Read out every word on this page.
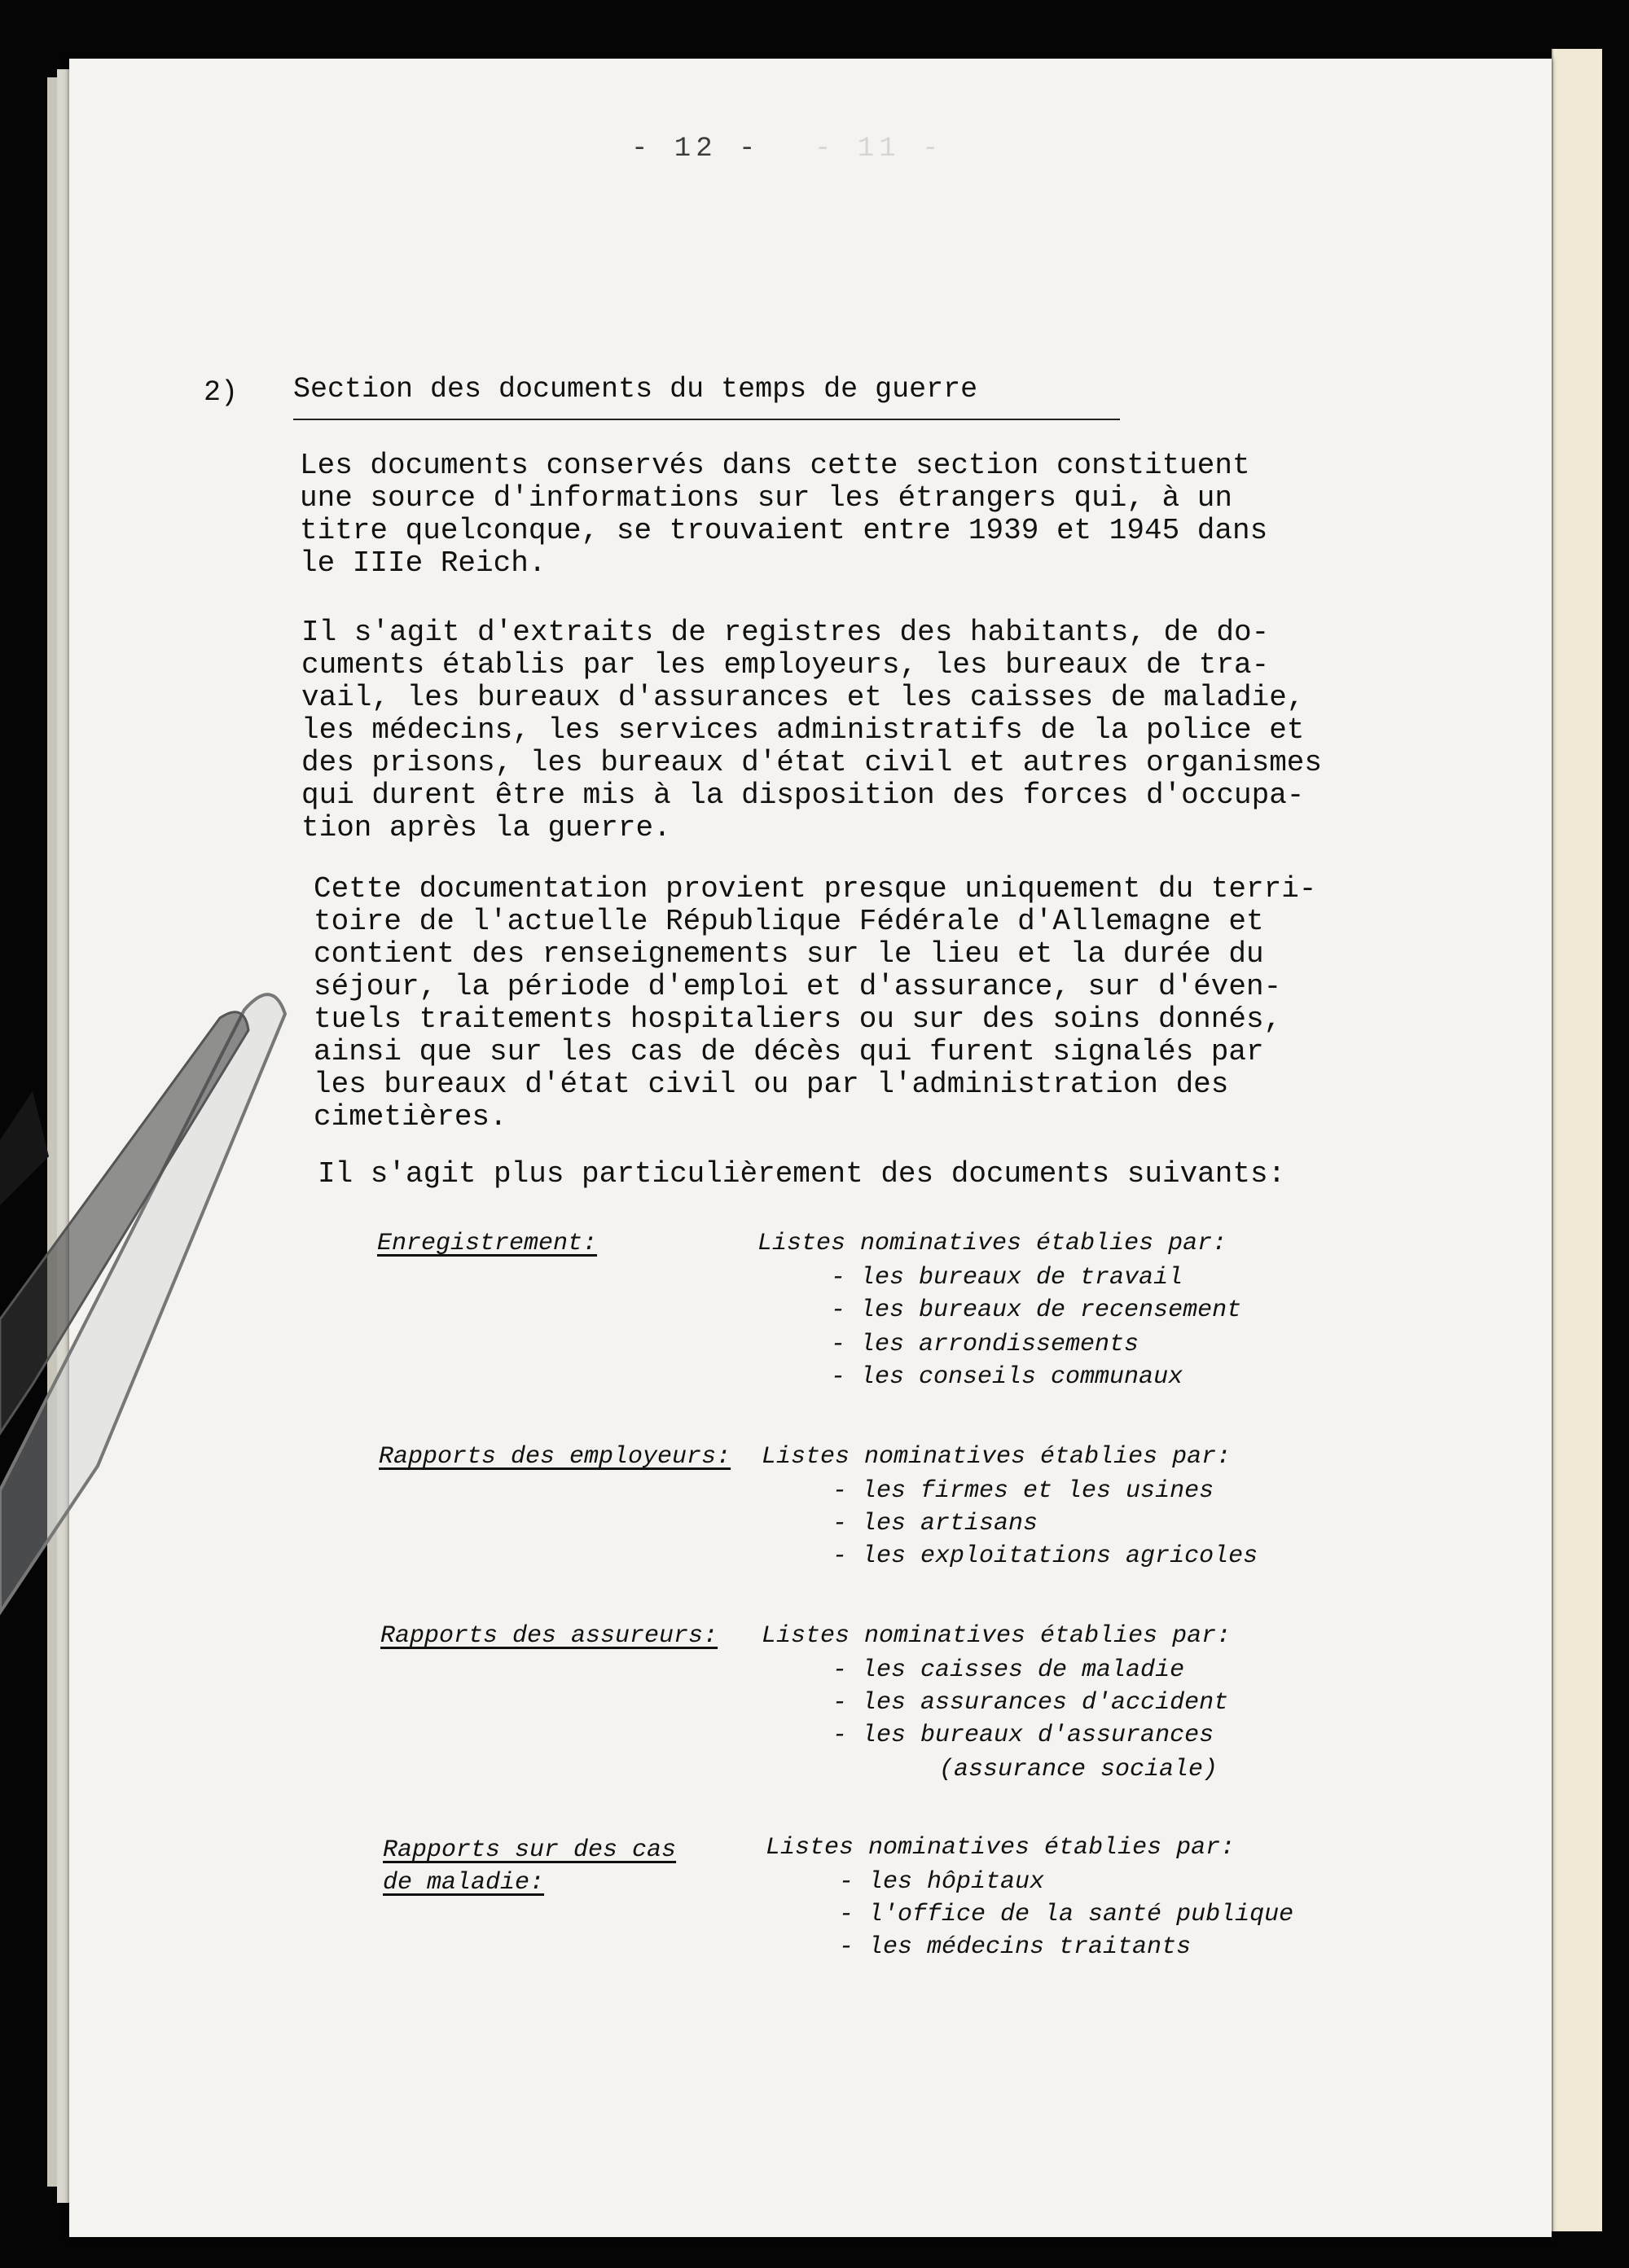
- 12 - - 11 -
2) Section des documents du temps de guerre
Les documents conservés dans cette section constituent
une source d'informations sur les étrangers qui, à un
titre quelconque, se trouvaient entre 1939 et 1945 dans
le IIIe Reich.
Il s'agit d'extraits de registres des habitants, de do-
cuments établis par les employeurs, les bureaux de tra-
vail, les bureaux d'assurances et les caisses de maladie,
les médecins, les services administratifs de la police et
des prisons, les bureaux d'état civil et autres organismes
qui durent être mis à la disposition des forces d'occupa-
tion après la guerre.
Cette documentation provient presque uniquement du terri-
toire de l'actuelle République Fédérale d'Allemagne et
contient des renseignements sur le lieu et la durée du
séjour, la période d'emploi et d'assurance, sur d'éven-
tuels traitements hospitaliers ou sur des soins donnés,
ainsi que sur les cas de décès qui furent signalés par
les bureaux d'état civil ou par l'administration des
cimetières.
Il s'agit plus particulièrement des documents suivants:
Enregistrement:	Listes nominatives établies par:
- les bureaux de travail
- les bureaux de recensement
- les arrondissements
- les conseils communaux
Rapports des employeurs: Listes nominatives établies par:
- les firmes et les usines
- les artisans
- les exploitations agricoles
Rapports des assureurs: Listes nominatives établies par:
- les caisses de maladie
- les assurances d'accident
- les bureaux d'assurances
(assurance sociale)
Rapports sur des cas
de maladie:
Listes nominatives établies par:
- les hôpitaux
- l'office de la santé publique
- les médecins traitants
